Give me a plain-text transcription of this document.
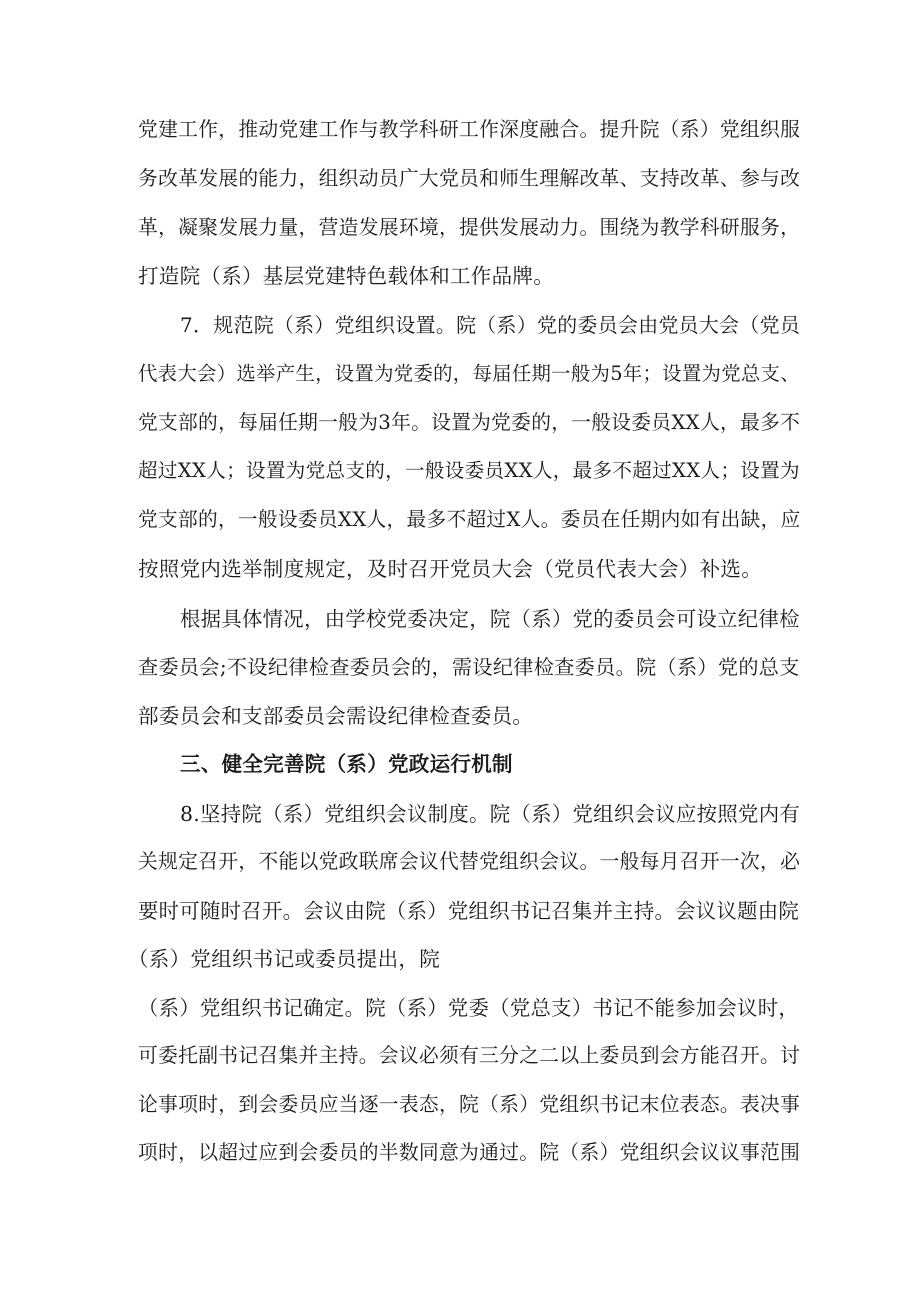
党建工作，推动党建工作与教学科研工作深度融合。提升院（系）党组织服
务改革发展的能力，组织动员广大党员和师生理解改革、支持改革、参与改
革，凝聚发展力量，营造发展环境，提供发展动力。围绕为教学科研服务，
打造院（系）基层党建特色载体和工作品牌。
7．规范院（系）党组织设置。院（系）党的委员会由党员大会（党员
代表大会）选举产生，设置为党委的，每届任期一般为5年；设置为党总支、
党支部的，每届任期一般为3年。设置为党委的，一般设委员XX人，最多不
超过XX人；设置为党总支的，一般设委员XX人，最多不超过XX人；设置为
党支部的，一般设委员XX人，最多不超过X人。委员在任期内如有出缺，应
按照党内选举制度规定，及时召开党员大会（党员代表大会）补选。
根据具体情况，由学校党委决定，院（系）党的委员会可设立纪律检
查委员会;不设纪律检查委员会的，需设纪律检查委员。院（系）党的总支
部委员会和支部委员会需设纪律检查委员。
三、健全完善院（系）党政运行机制
8.坚持院（系）党组织会议制度。院（系）党组织会议应按照党内有
关规定召开，不能以党政联席会议代替党组织会议。一般每月召开一次，必
要时可随时召开。会议由院（系）党组织书记召集并主持。会议议题由院
（系）党组织书记或委员提出，院
（系）党组织书记确定。院（系）党委（党总支）书记不能参加会议时，
可委托副书记召集并主持。会议必须有三分之二以上委员到会方能召开。讨
论事项时，到会委员应当逐一表态，院（系）党组织书记末位表态。表决事
项时，以超过应到会委员的半数同意为通过。院（系）党组织会议议事范围
